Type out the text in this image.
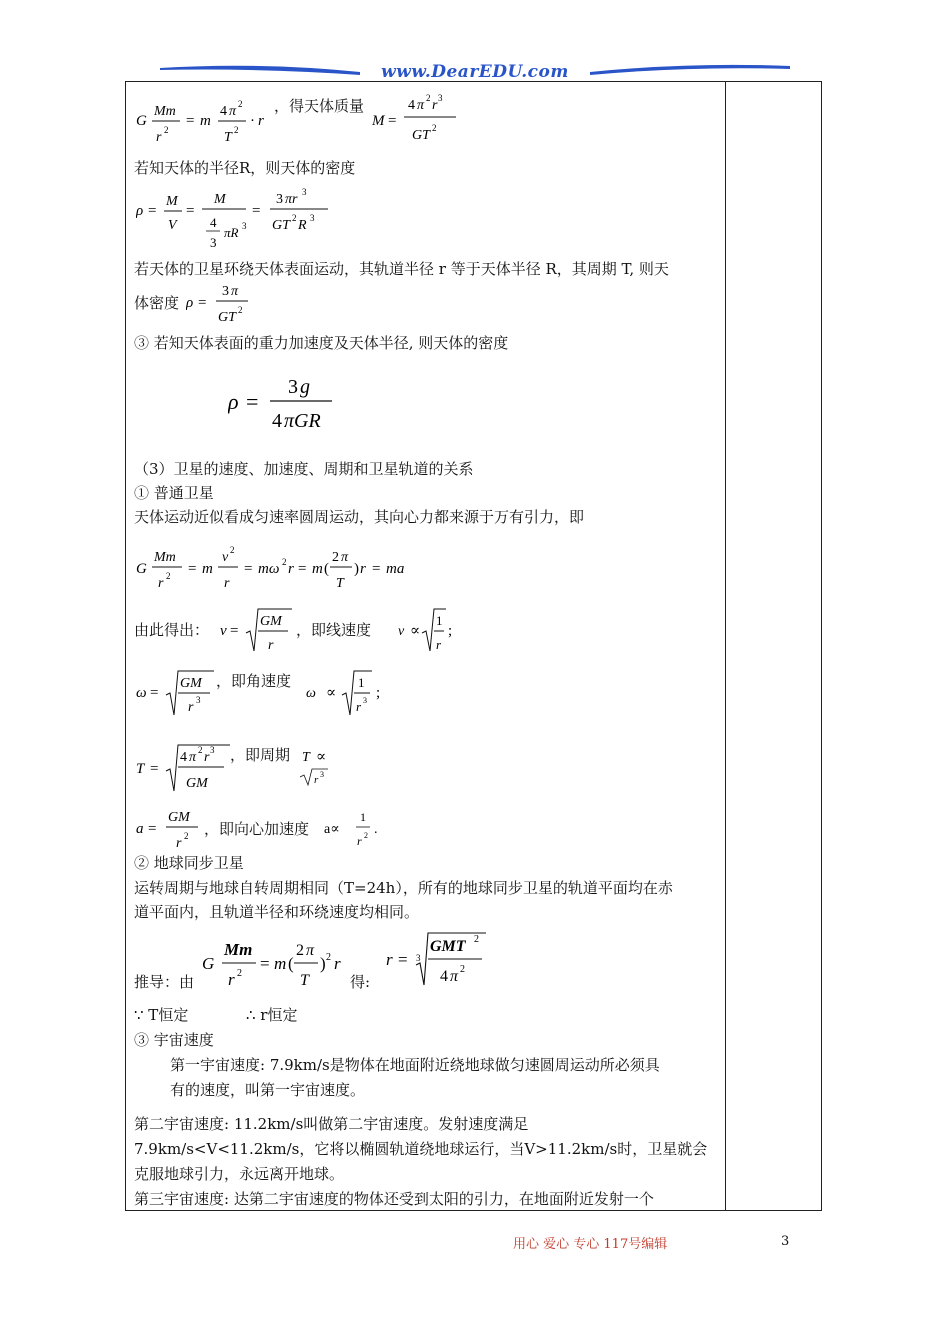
www.DearEDU.com
G
Mm
r 2
= m
4 π 2
T 2
· r
，得天体质量
M =
4 π 2 r 3
GT 2
若知天体的半径R，则天体的密度
ρ =
M
V
=
M
4
3
πR 3
=
3 πr 3
GT 2 R 3
若天体的卫星环绕天体表面运动，其轨道半径 r 等于天体半径 R，其周期 T, 则天
体密度 ρ =
3 π
GT 2
③ 若知天体表面的重力加速度及天体半径, 则天体的密度
ρ =
3 g
4 πGR
（3）卫星的速度、加速度、周期和卫星轨道的关系
① 普通卫星
天体运动近似看成匀速率圆周运动，其向心力都来源于万有引力，即
G
Mm
r 2 = m
v 2
r
= mω 2 r = m (
2 π
T
) r = ma
由此得出： v =
GM
r
，即线速度 v ∝
1
r
;
ω =
GM
r 3
，即角速度
ω ∝
1
r 3 ;
T =
4 π 2 r 3
GM
，即周期 T ∝
r 3
a =
GM
r 2 ，即向心加速度 a∝
1
r 2 .
② 地球同步卫星
运转周期与地球自转周期相同（T=24h），所有的地球同步卫星的轨道平面均在赤
道平面内，且轨道半径和环绕速度均相同。
推导：由
G
Mm
r 2
= m (
2 π
T
) 2 r
得:
r = 3
GMT 2
4 π 2
∵ T恒定	∴ r恒定
③ 宇宙速度
第一宇宙速度: 7.9km/s是物体在地面附近绕地球做匀速圆周运动所必须具
有的速度，叫第一宇宙速度。
第二宇宙速度: 11.2km/s叫做第二宇宙速度。发射速度满足
7.9km/s<V<11.2km/s，它将以椭圆轨道绕地球运行，当V>11.2km/s时，卫星就会
克服地球引力，永远离开地球。
第三宇宙速度: 达第二宇宙速度的物体还受到太阳的引力，在地面附近发射一个
用心 爱心 专心 117号编辑	3
